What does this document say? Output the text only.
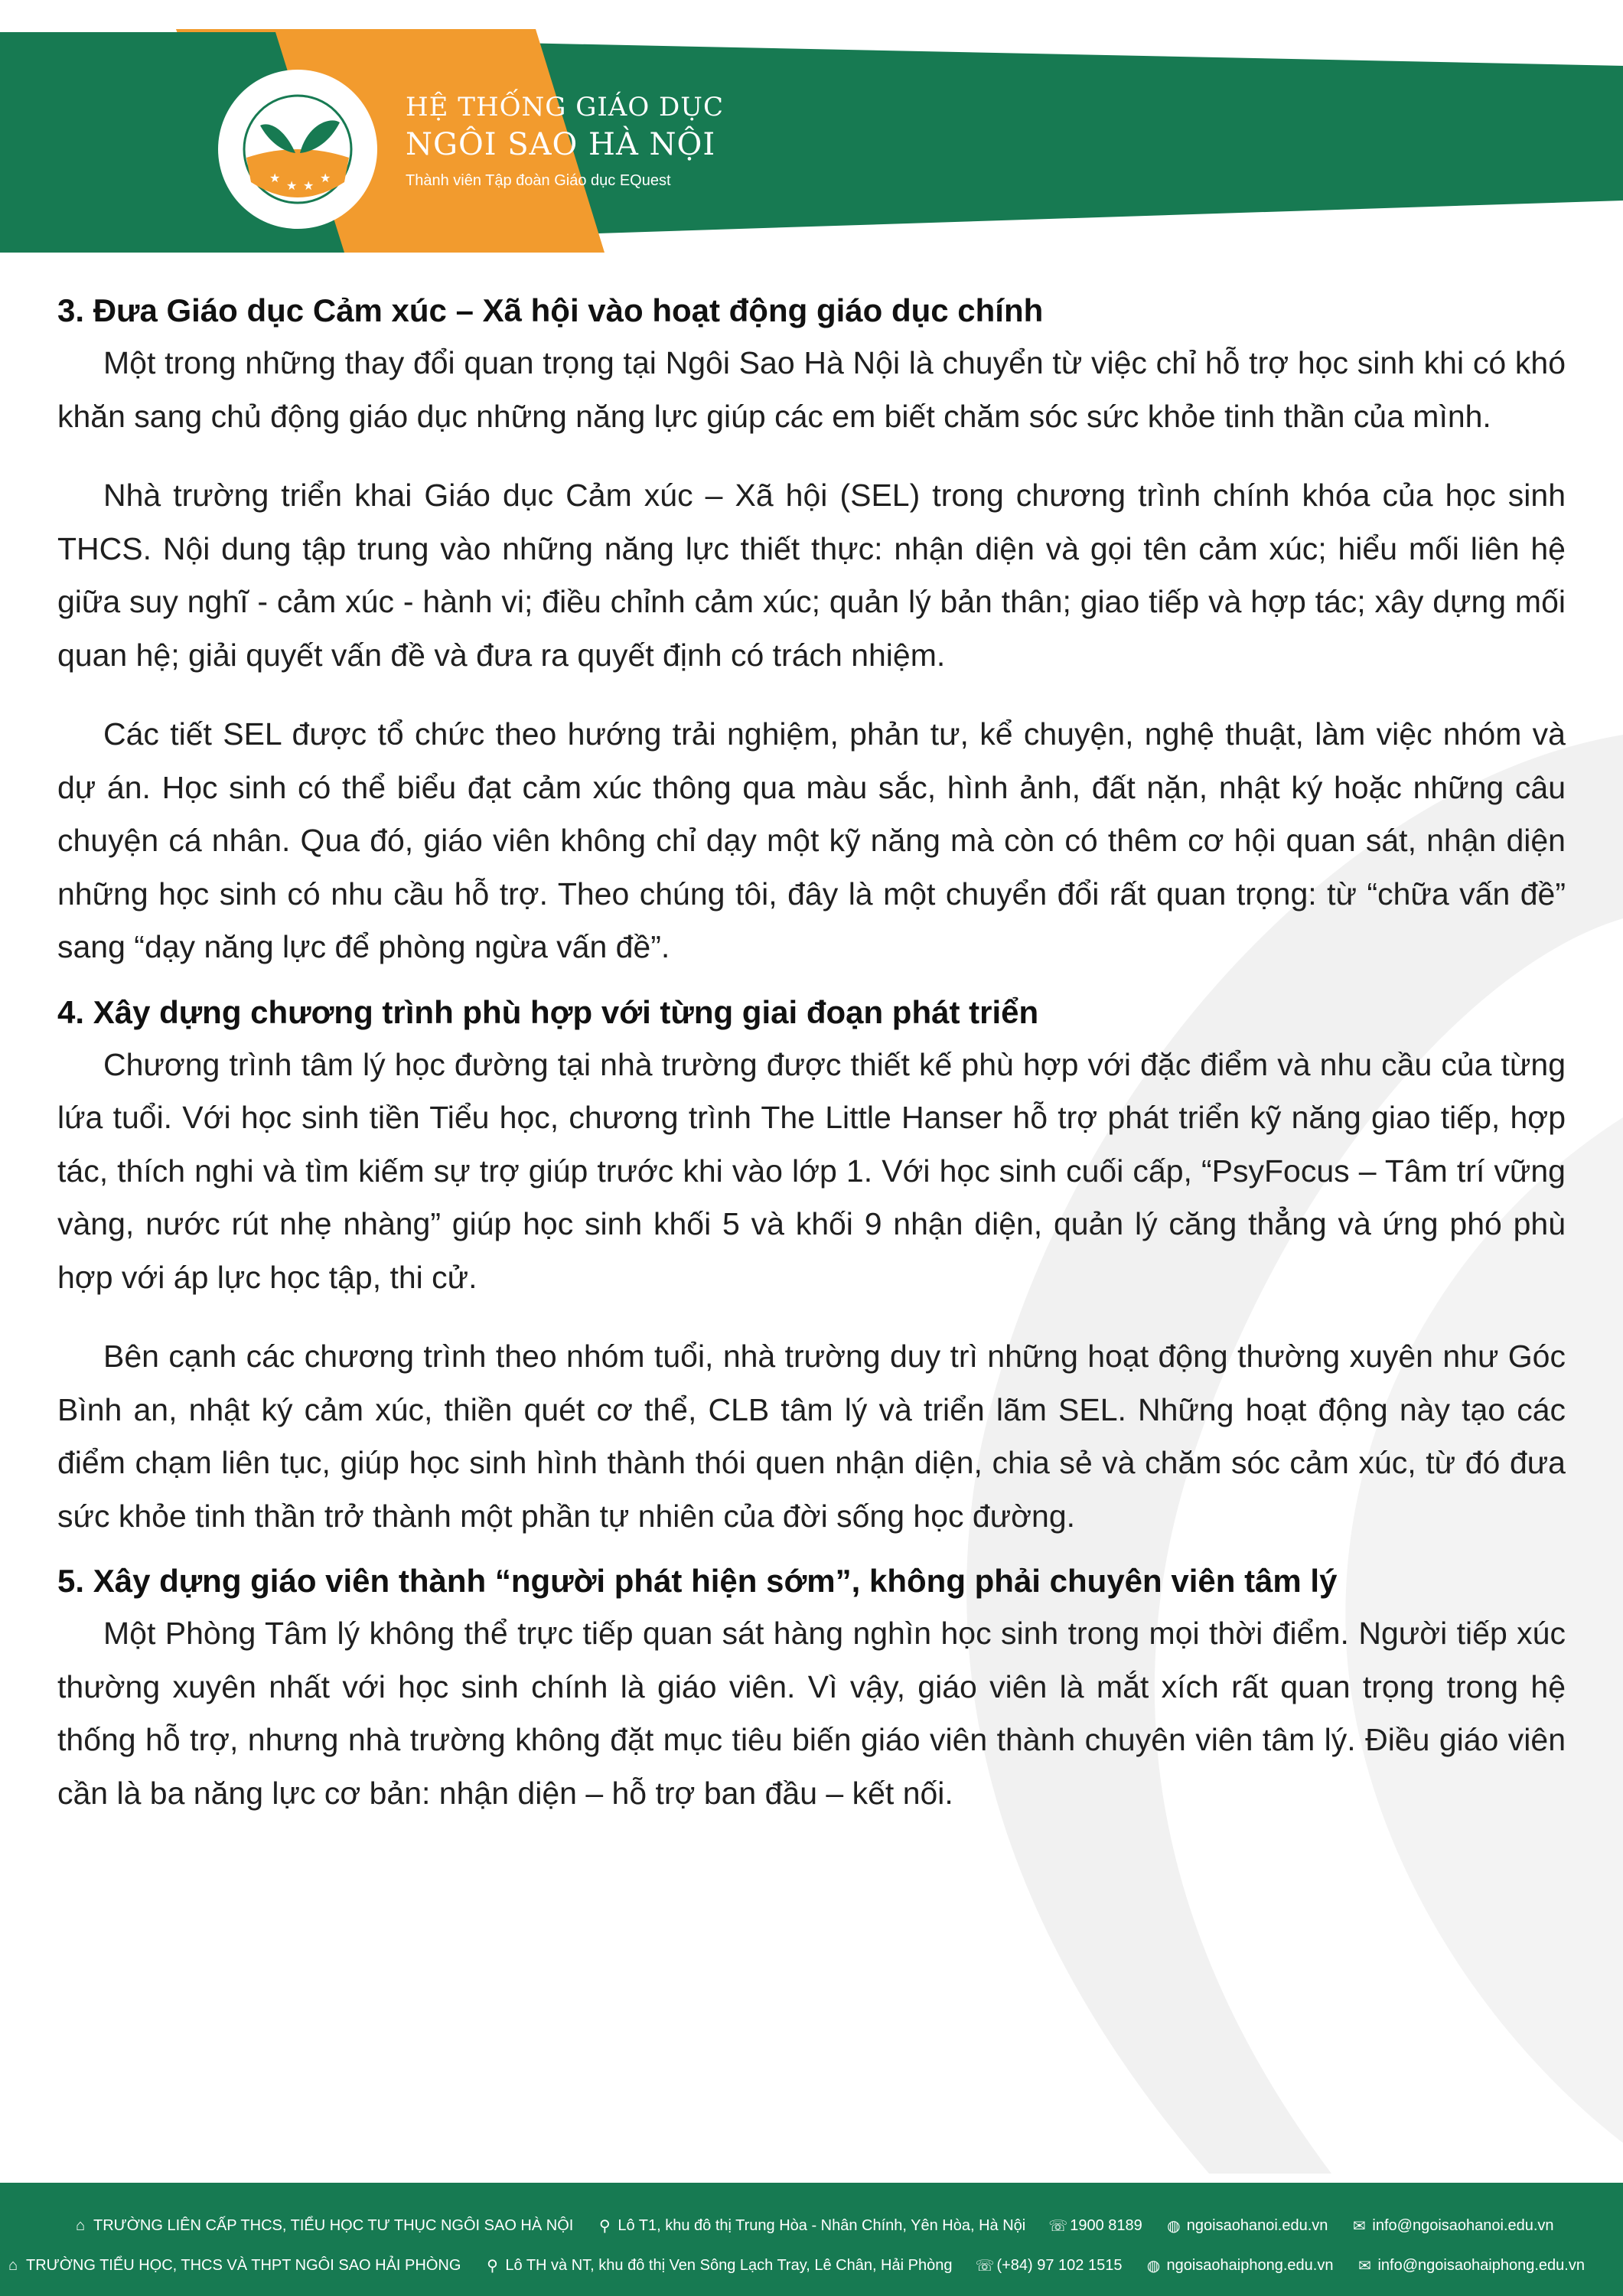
★
★ ★
★
HỆ THỐNG GIÁO DỤC
NGÔI SAO HÀ NỘI
Thành viên Tập đoàn Giáo dục EQuest
3. Đưa Giáo dục Cảm xúc – Xã hội vào hoạt động giáo dục chính

Một trong những thay đổi quan trọng tại Ngôi Sao Hà Nội là chuyển từ việc chỉ hỗ trợ học sinh khi có khó khăn sang chủ động giáo dục những năng lực giúp các em biết chăm sóc sức khỏe tinh thần của mình.

Nhà trường triển khai Giáo dục Cảm xúc – Xã hội (SEL) trong chương trình chính khóa của học sinh THCS. Nội dung tập trung vào những năng lực thiết thực: nhận diện và gọi tên cảm xúc; hiểu mối liên hệ giữa suy nghĩ - cảm xúc - hành vi; điều chỉnh cảm xúc; quản lý bản thân; giao tiếp và hợp tác; xây dựng mối quan hệ; giải quyết vấn đề và đưa ra quyết định có trách nhiệm.

Các tiết SEL được tổ chức theo hướng trải nghiệm, phản tư, kể chuyện, nghệ thuật, làm việc nhóm và dự án. Học sinh có thể biểu đạt cảm xúc thông qua màu sắc, hình ảnh, đất nặn, nhật ký hoặc những câu chuyện cá nhân. Qua đó, giáo viên không chỉ dạy một kỹ năng mà còn có thêm cơ hội quan sát, nhận diện những học sinh có nhu cầu hỗ trợ. Theo chúng tôi, đây là một chuyển đổi rất quan trọng: từ “chữa vấn đề” sang “dạy năng lực để phòng ngừa vấn đề”.

4. Xây dựng chương trình phù hợp với từng giai đoạn phát triển

Chương trình tâm lý học đường tại nhà trường được thiết kế phù hợp với đặc điểm và nhu cầu của từng lứa tuổi. Với học sinh tiền Tiểu học, chương trình The Little Hanser hỗ trợ phát triển kỹ năng giao tiếp, hợp tác, thích nghi và tìm kiếm sự trợ giúp trước khi vào lớp 1. Với học sinh cuối cấp, “PsyFocus – Tâm trí vững vàng, nước rút nhẹ nhàng” giúp học sinh khối 5 và khối 9 nhận diện, quản lý căng thẳng và ứng phó phù hợp với áp lực học tập, thi cử.

Bên cạnh các chương trình theo nhóm tuổi, nhà trường duy trì những hoạt động thường xuyên như Góc Bình an, nhật ký cảm xúc, thiền quét cơ thể, CLB tâm lý và triển lãm SEL. Những hoạt động này tạo các điểm chạm liên tục, giúp học sinh hình thành thói quen nhận diện, chia sẻ và chăm sóc cảm xúc, từ đó đưa sức khỏe tinh thần trở thành một phần tự nhiên của đời sống học đường.

5. Xây dựng giáo viên thành “người phát hiện sớm”, không phải chuyên viên tâm lý

Một Phòng Tâm lý không thể trực tiếp quan sát hàng nghìn học sinh trong mọi thời điểm. Người tiếp xúc thường xuyên nhất với học sinh chính là giáo viên. Vì vậy, giáo viên là mắt xích rất quan trọng trong hệ thống hỗ trợ, nhưng nhà trường không đặt mục tiêu biến giáo viên thành chuyên viên tâm lý. Điều giáo viên cần là ba năng lực cơ bản: nhận diện – hỗ trợ ban đầu – kết nối.

⌂ TRƯỜNG LIÊN CẤP THCS, TIỂU HỌC TƯ THỤC NGÔI SAO HÀ NỘI ⚲ Lô T1, khu đô thị Trung Hòa - Nhân Chính, Yên Hòa, Hà Nội ☏ 1900 8189 ◍ ngoisaohanoi.edu.vn ✉ info@ngoisaohanoi.edu.vn
⌂ TRƯỜNG TIỂU HỌC, THCS VÀ THPT NGÔI SAO HẢI PHÒNG ⚲ Lô TH và NT, khu đô thị Ven Sông Lạch Tray, Lê Chân, Hải Phòng ☏ (+84) 97 102 1515 ◍ ngoisaohaiphong.edu.vn ✉ info@ngoisaohaiphong.edu.vn
